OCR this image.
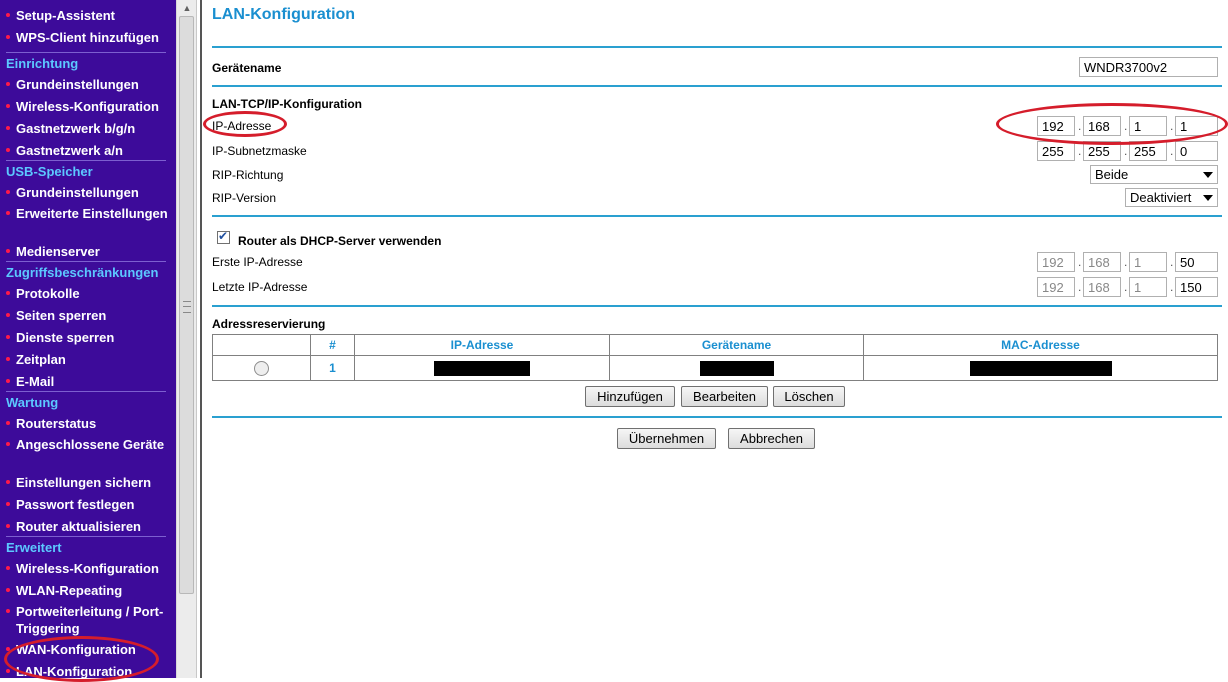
Setup-Assistent
WPS-Client hinzufügen
Einrichtung
Grundeinstellungen
Wireless-Konfiguration
Gastnetzwerk b/g/n
Gastnetzwerk a/n
USB-Speicher
Grundeinstellungen
Erweiterte Einstellungen
Medienserver
Zugriffsbeschränkungen
Protokolle
Seiten sperren
Dienste sperren
Zeitplan
E-Mail
Wartung
Routerstatus
Angeschlossene Geräte
Einstellungen sichern
Passwort festlegen
Router aktualisieren
Erweitert
Wireless-Konfiguration
WLAN-Repeating
Portweiterleitung / Port-Triggering
WAN-Konfiguration
LAN-Konfiguration
▲ LAN-Konfiguration
Gerätename	WNDR3700v2
LAN-TCP/IP-Konfiguration
IP-Adresse	192	. 168	. 1	. 1
IP-Subnetzmaske	255	. 255	. 255	. 0
RIP-Richtung	Beide
RIP-Version	Deaktiviert
✔
Router als DHCP-Server verwenden
Erste IP-Adresse	192	. 168	. 1	. 50
Letzte IP-Adresse	192	. 168	. 1	. 150
Adressreservierung
	#	IP-Adresse	Gerätename	MAC-Adresse
	1			
Hinzufügen	Bearbeiten	Löschen
Übernehmen	Abbrechen
